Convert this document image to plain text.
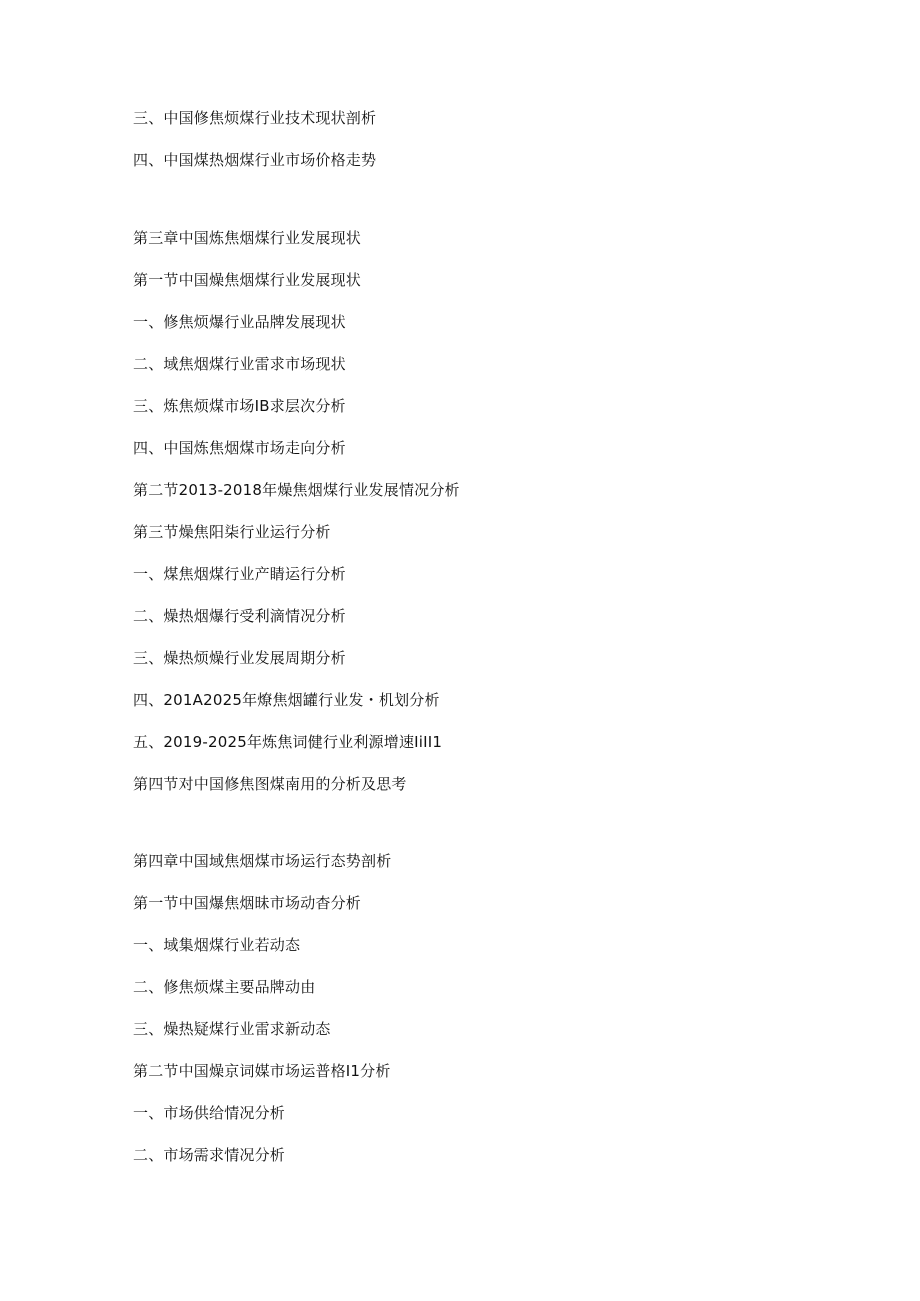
三、中国修焦烦煤行业技术现状剖析
四、中国煤热烟煤行业市场价格走势
第三章中国炼焦烟煤行业发展现状
第一节中国燥焦烟煤行业发展现状
一、修焦烦爆行业品牌发展现状
二、域焦烟煤行业雷求市场现状
三、炼焦烦煤市场IB求层次分析
四、中国炼焦烟煤市场走向分析
第二节2013-2018年燥焦烟煤行业发展情况分析
第三节燥焦阳柒行业运行分析
一、煤焦烟煤行业产睛运行分析
二、燥热烟爆行受利滴情况分析
三、燥热烦燥行业发展周期分析
四、201A2025年燎焦烟罐行业发・机划分析
五、2019-2025年炼焦词健行业利源增速IiII1
第四节对中国修焦图煤南用的分析及思考
第四章中国域焦烟煤市场运行态势剖析
第一节中国爆焦烟昧市场动杳分析
一、域集烟煤行业若动态
二、修焦烦煤主要品牌动由
三、燥热疑煤行业雷求新动态
第二节中国燥京词媒市场运普格I1分析
一、市场供给情况分析
二、市场需求情况分析
